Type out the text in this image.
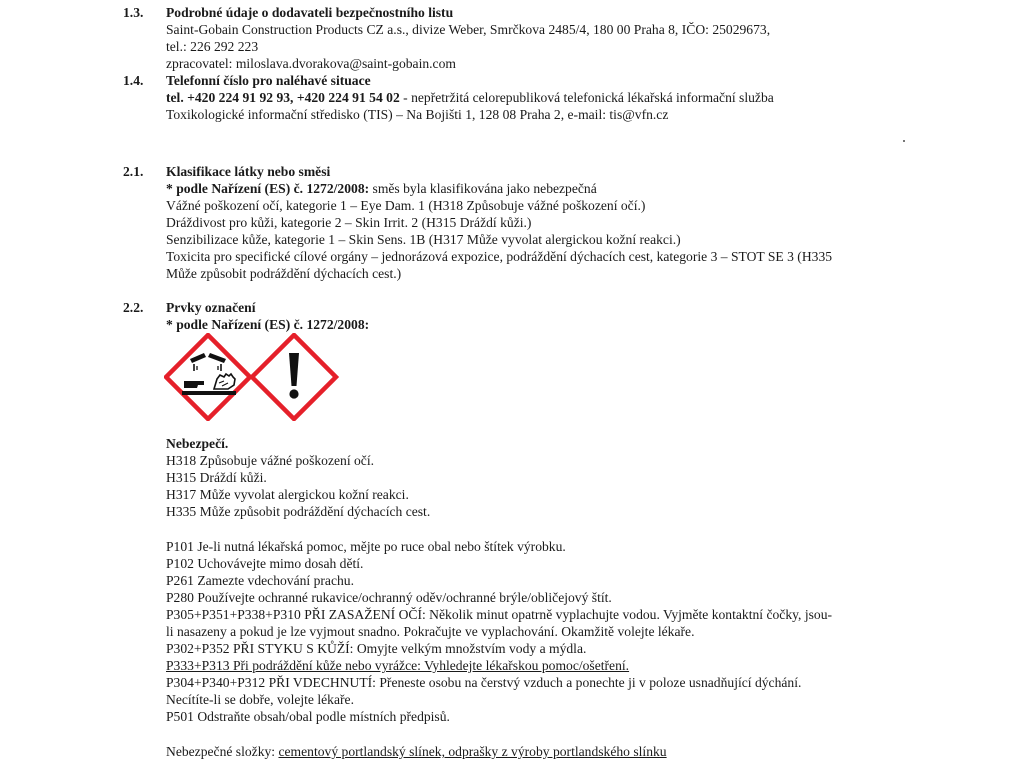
1.3. Podrobné údaje o dodavateli bezpečnostního listu
Saint-Gobain Construction Products CZ a.s., divize Weber, Smrčkova 2485/4, 180 00 Praha 8, IČO: 25029673,
tel.: 226 292 223
zpracovatel: miloslava.dvorakova@saint-gobain.com
1.4. Telefonní číslo pro naléhavé situace
tel. +420 224 91 92 93, +420 224 91 54 02 - nepřetržitá celorepubliková telefonická lékařská informační služba
Toxikologické informační středisko (TIS) – Na Bojišti 1, 128 08 Praha 2, e-mail: tis@vfn.cz
2.1. Klasifikace látky nebo směsi
* podle Nařízení (ES) č. 1272/2008: směs byla klasifikována jako nebezpečná
Vážné poškození očí, kategorie 1 – Eye Dam. 1 (H318 Způsobuje vážné poškození očí.)
Dráždivost pro kůži, kategorie 2 – Skin Irrit. 2 (H315 Dráždí kůži.)
Senzibilizace kůže, kategorie 1 – Skin Sens. 1B (H317 Může vyvolat alergickou kožní reakci.)
Toxicita pro specifické cílové orgány – jednorázová expozice, podráždění dýchacích cest, kategorie 3 – STOT SE 3 (H335
Může způsobit podráždění dýchacích cest.)
2.2. Prvky označení
* podle Nařízení (ES) č. 1272/2008:
Nebezpečí.
H318 Způsobuje vážné poškození očí.
H315 Dráždí kůži.
H317 Může vyvolat alergickou kožní reakci.
H335 Může způsobit podráždění dýchacích cest.
P101 Je-li nutná lékařská pomoc, mějte po ruce obal nebo štítek výrobku.
P102 Uchovávejte mimo dosah dětí.
P261 Zamezte vdechování prachu.
P280 Používejte ochranné rukavice/ochranný oděv/ochranné brýle/obličejový štít.
P305+P351+P338+P310 PŘI ZASAŽENÍ OČÍ: Několik minut opatrně vyplachujte vodou. Vyjměte kontaktní čočky, jsou-
li nasazeny a pokud je lze vyjmout snadno. Pokračujte ve vyplachování. Okamžitě volejte lékaře.
P302+P352 PŘI STYKU S KŮŽÍ: Omyjte velkým množstvím vody a mýdla.
P333+P313 Při podráždění kůže nebo vyrážce: Vyhledejte lékařskou pomoc/ošetření.
P304+P340+P312 PŘI VDECHNUTÍ: Přeneste osobu na čerstvý vzduch a ponechte ji v poloze usnadňující dýchání.
Necítíte-li se dobře, volejte lékaře.
P501 Odstraňte obsah/obal podle místních předpisů.
Nebezpečné složky: cementový portlandský slínek, odprašky z výroby portlandského slínku
